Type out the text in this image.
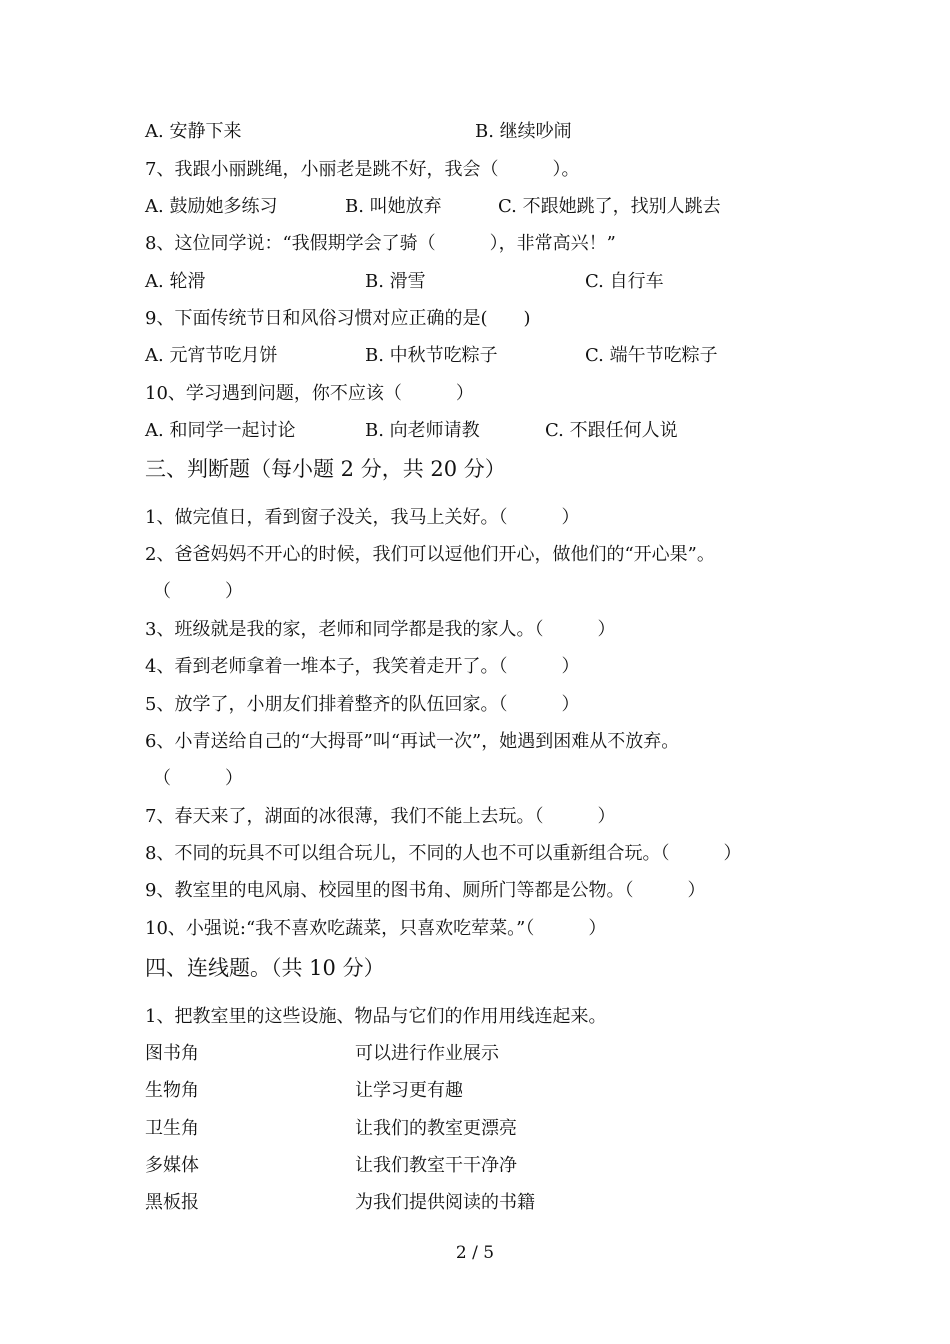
A. 安静下来	B. 继续吵闹
7、我跟小丽跳绳，小丽老是跳不好，我会（　　　）。
A. 鼓励她多练习	B. 叫她放弃	C. 不跟她跳了，找别人跳去
8、这位同学说：“我假期学会了骑（　　　），非常高兴！”
A. 轮滑	B. 滑雪	C. 自行车
9、下面传统节日和风俗习惯对应正确的是(　　)
A. 元宵节吃月饼	B. 中秋节吃粽子	C. 端午节吃粽子
10、学习遇到问题，你不应该（　　　）
A. 和同学一起讨论	B. 向老师请教	C. 不跟任何人说
三、判断题（每小题 2 分，共 20 分）
1、做完值日，看到窗子没关，我马上关好。（　　　）
2、爸爸妈妈不开心的时候，我们可以逗他们开心，做他们的“开心果”。
（　　　）
3、班级就是我的家，老师和同学都是我的家人。（　　　）
4、看到老师拿着一堆本子，我笑着走开了。（　　　）
5、放学了，小朋友们排着整齐的队伍回家。（　　　）
6、小青送给自己的“大拇哥”叫“再试一次”，她遇到困难从不放弃。
（　　　）
7、春天来了，湖面的冰很薄，我们不能上去玩。（　　　）
8、不同的玩具不可以组合玩儿，不同的人也不可以重新组合玩。（　　　）
9、教室里的电风扇、校园里的图书角、厕所门等都是公物。（　　　）
10、小强说:“我不喜欢吃蔬菜，只喜欢吃荤菜。”（　　　）
四、连线题。（共 10 分）
1、把教室里的这些设施、物品与它们的作用用线连起来。
图书角	可以进行作业展示
生物角	让学习更有趣
卫生角	让我们的教室更漂亮
多媒体	让我们教室干干净净
黑板报	为我们提供阅读的书籍
2 / 5
